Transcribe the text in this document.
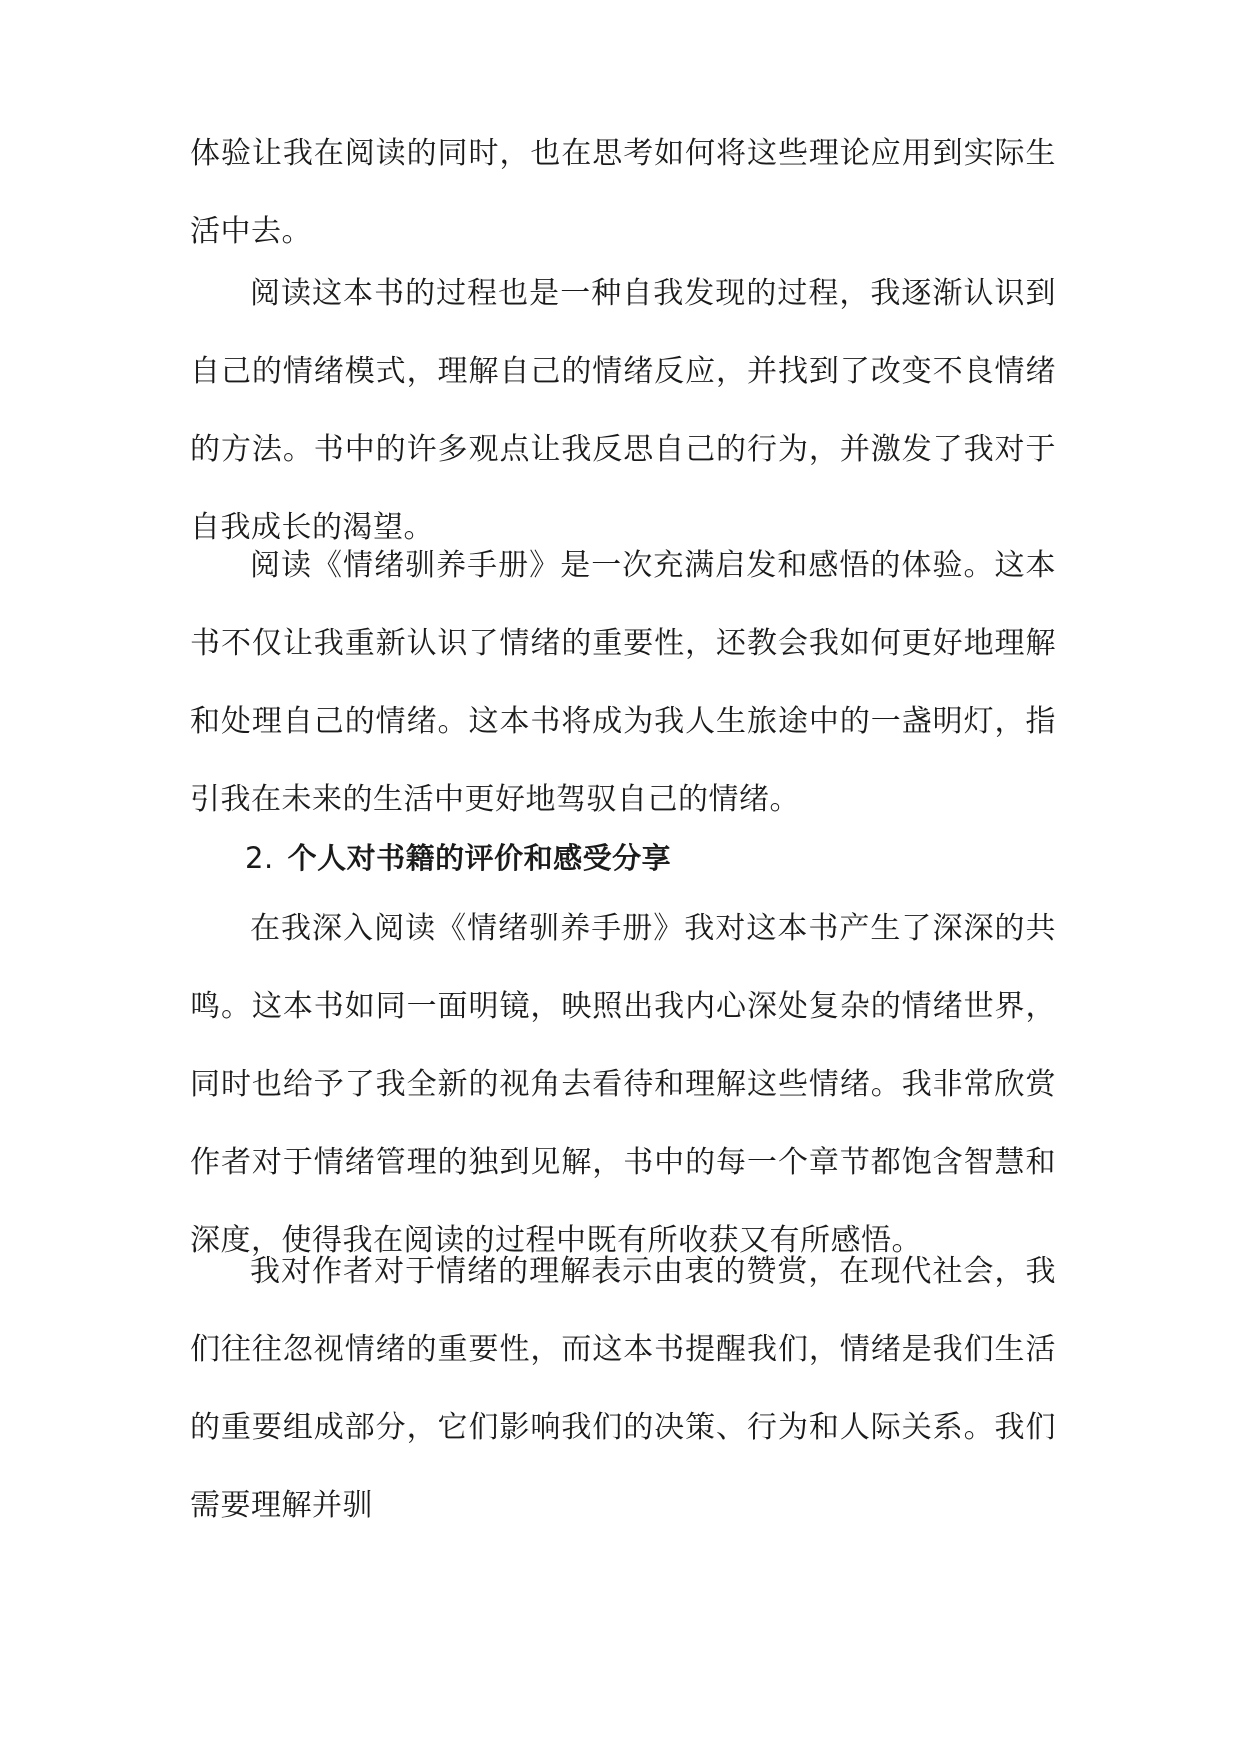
体验让我在阅读的同时，也在思考如何将这些理论应用到实际生活中去。

阅读这本书的过程也是一种自我发现的过程，我逐渐认识到自己的情绪模式，理解自己的情绪反应，并找到了改变不良情绪的方法。书中的许多观点让我反思自己的行为，并激发了我对于自我成长的渴望。

阅读《情绪驯养手册》是一次充满启发和感悟的体验。这本书不仅让我重新认识了情绪的重要性，还教会我如何更好地理解和处理自己的情绪。这本书将成为我人生旅途中的一盏明灯，指引我在未来的生活中更好地驾驭自己的情绪。

2. 个人对书籍的评价和感受分享

在我深入阅读《情绪驯养手册》我对这本书产生了深深的共鸣。这本书如同一面明镜，映照出我内心深处复杂的情绪世界，同时也给予了我全新的视角去看待和理解这些情绪。我非常欣赏作者对于情绪管理的独到见解，书中的每一个章节都饱含智慧和深度，使得我在阅读的过程中既有所收获又有所感悟。

我对作者对于情绪的理解表示由衷的赞赏，在现代社会，我们往往忽视情绪的重要性，而这本书提醒我们，情绪是我们生活的重要组成部分，它们影响我们的决策、行为和人际关系。我们需要理解并驯
